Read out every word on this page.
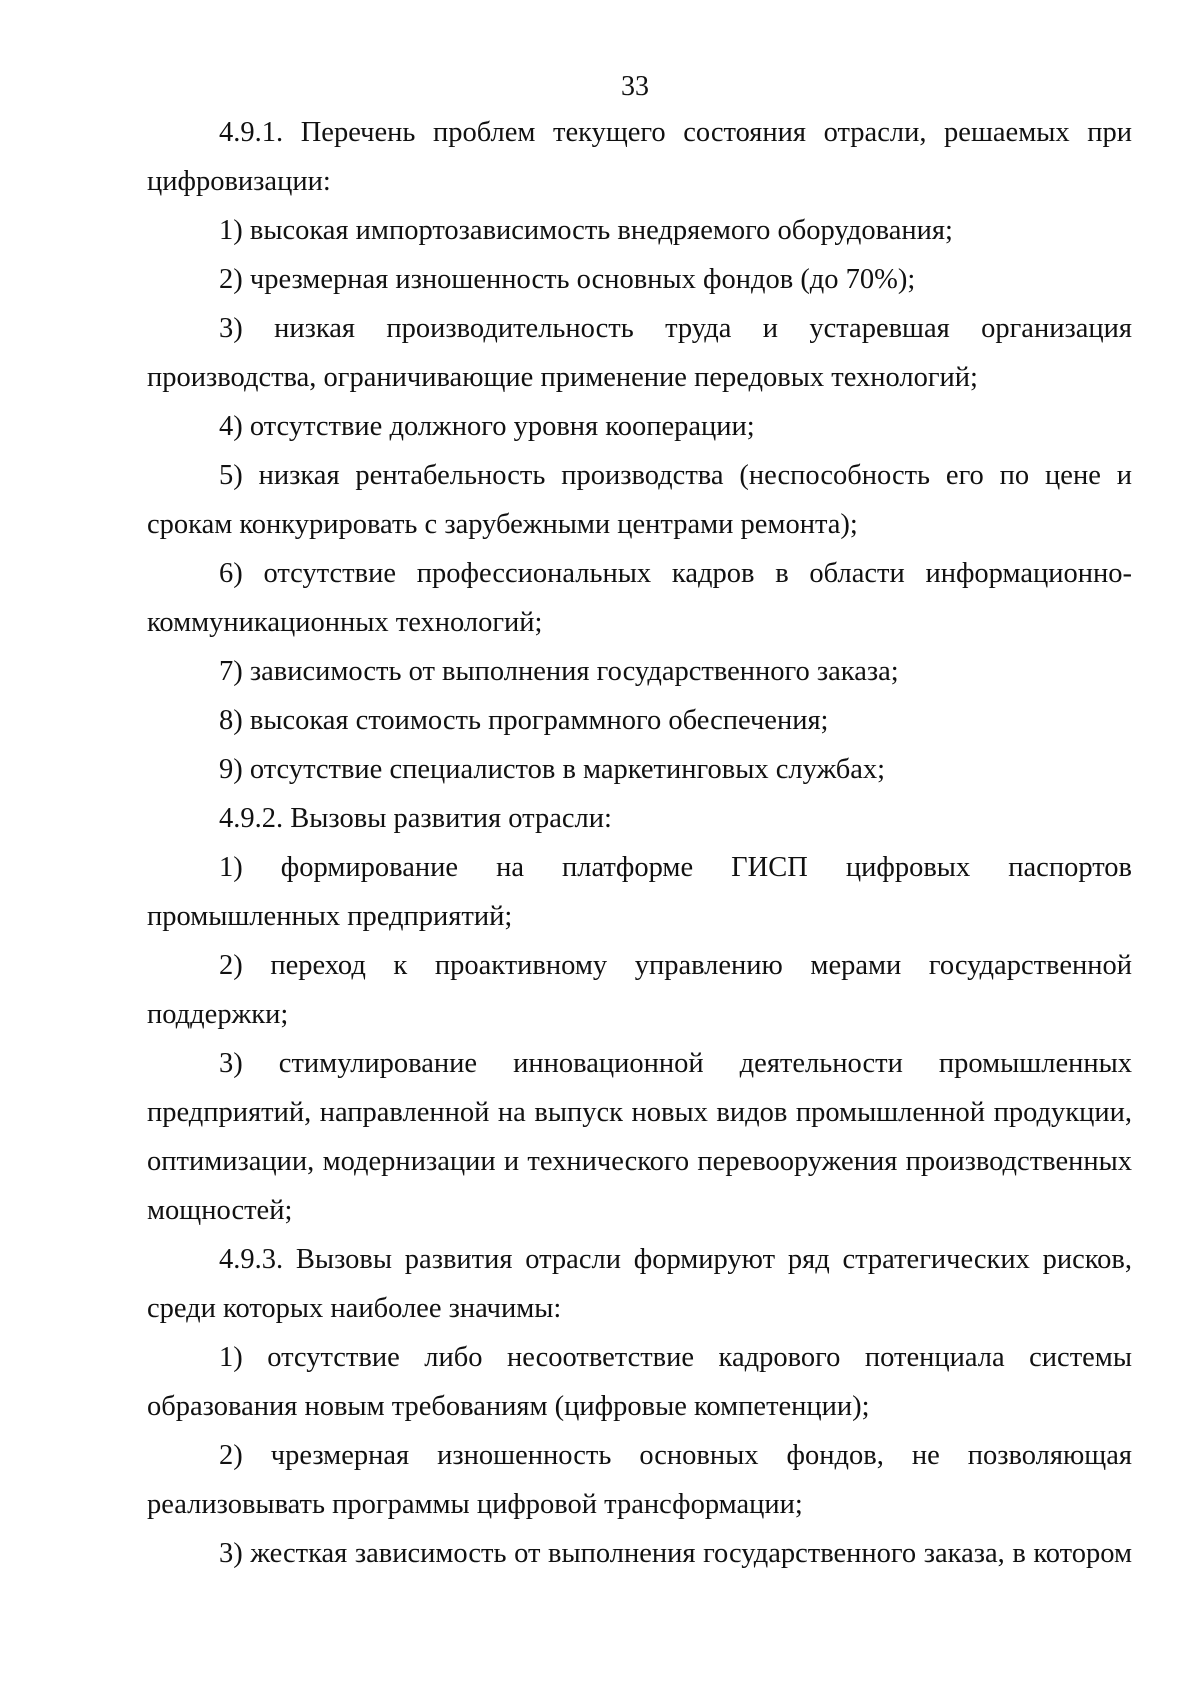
33

4.9.1. Перечень проблем текущего состояния отрасли, решаемых при цифровизации:

1) высокая импортозависимость внедряемого оборудования;

2) чрезмерная изношенность основных фондов (до 70%);

3) низкая производительность труда и устаревшая организация производства, ограничивающие применение передовых технологий;

4) отсутствие должного уровня кооперации;

5) низкая рентабельность производства (неспособность его по цене и срокам конкурировать с зарубежными центрами ремонта);

6) отсутствие профессиональных кадров в области информационно-коммуникационных технологий;

7) зависимость от выполнения государственного заказа;

8) высокая стоимость программного обеспечения;

9) отсутствие специалистов в маркетинговых службах;

4.9.2. Вызовы развития отрасли:

1) формирование на платформе ГИСП цифровых паспортов промышленных предприятий;

2) переход к проактивному управлению мерами государственной поддержки;

3) стимулирование инновационной деятельности промышленных предприятий, направленной на выпуск новых видов промышленной продукции, оптимизации, модернизации и технического перевооружения производственных мощностей;

4.9.3. Вызовы развития отрасли формируют ряд стратегических рисков, среди которых наиболее значимы:

1) отсутствие либо несоответствие кадрового потенциала системы образования новым требованиям (цифровые компетенции);

2) чрезмерная изношенность основных фондов, не позволяющая реализовывать программы цифровой трансформации;

3) жесткая зависимость от выполнения государственного заказа, в котором
